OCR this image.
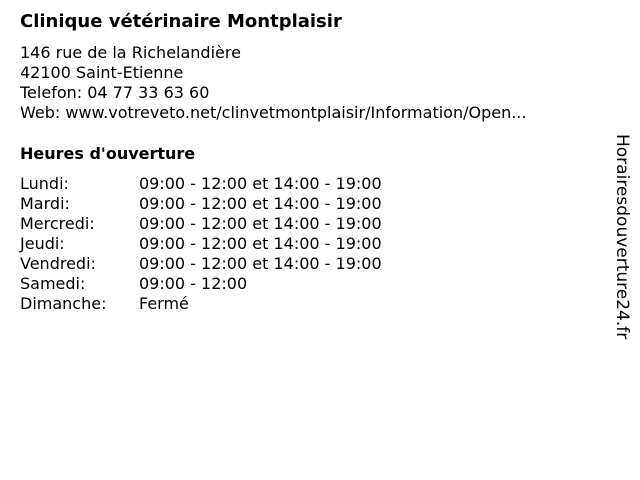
Clinique vétérinaire Montplaisir
146 rue de la Richelandière
42100 Saint-Etienne
Telefon: 04 77 33 63 60
Web: www.votreveto.net/clinvetmontplaisir/Information/Open...
Heures d'ouverture
Lundi:	09:00 - 12:00 et 14:00 - 19:00
Mardi:	09:00 - 12:00 et 14:00 - 19:00
Mercredi:	09:00 - 12:00 et 14:00 - 19:00
Jeudi:	09:00 - 12:00 et 14:00 - 19:00
Vendredi:	09:00 - 12:00 et 14:00 - 19:00
Samedi:	09:00 - 12:00
Dimanche: Fermé	Horairesdouverture24.fr
